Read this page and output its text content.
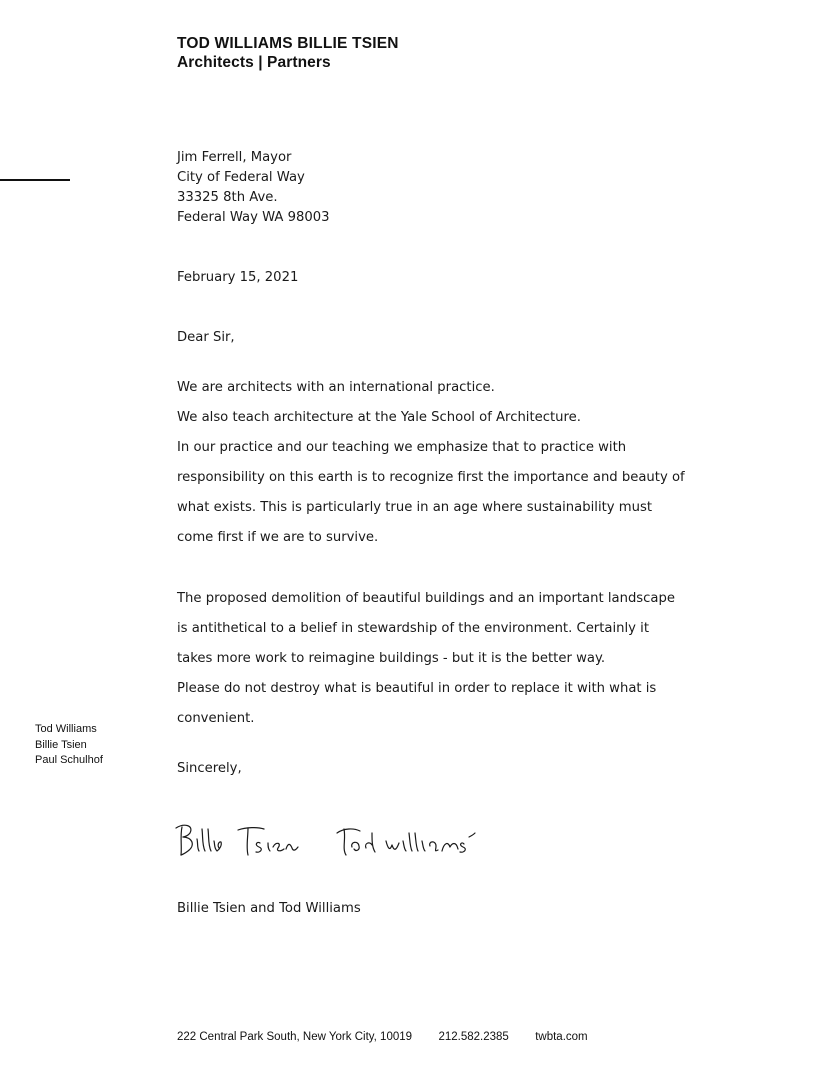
TOD WILLIAMS BILLIE TSIEN
Architects | Partners
Jim Ferrell, Mayor
City of Federal Way
33325 8th Ave.
Federal Way WA 98003
February 15, 2021
Dear Sir,
We are architects with an international practice.
We also teach architecture at the Yale School of Architecture.
In our practice and our teaching we emphasize that to practice with
responsibility on this earth is to recognize first the importance and beauty of
what exists. This is particularly true in an age where sustainability must
come first if we are to survive.
The proposed demolition of beautiful buildings and an important landscape
is antithetical to a belief in stewardship of the environment. Certainly it
takes more work to reimagine buildings - but it is the better way.
Please do not destroy what is beautiful in order to replace it with what is
convenient.
Tod Williams
Billie Tsien
Paul Schulhof
Sincerely,
Billie Tsien and Tod Williams
222 Central Park South, New York City, 10019 212.582.2385 twbta.com
